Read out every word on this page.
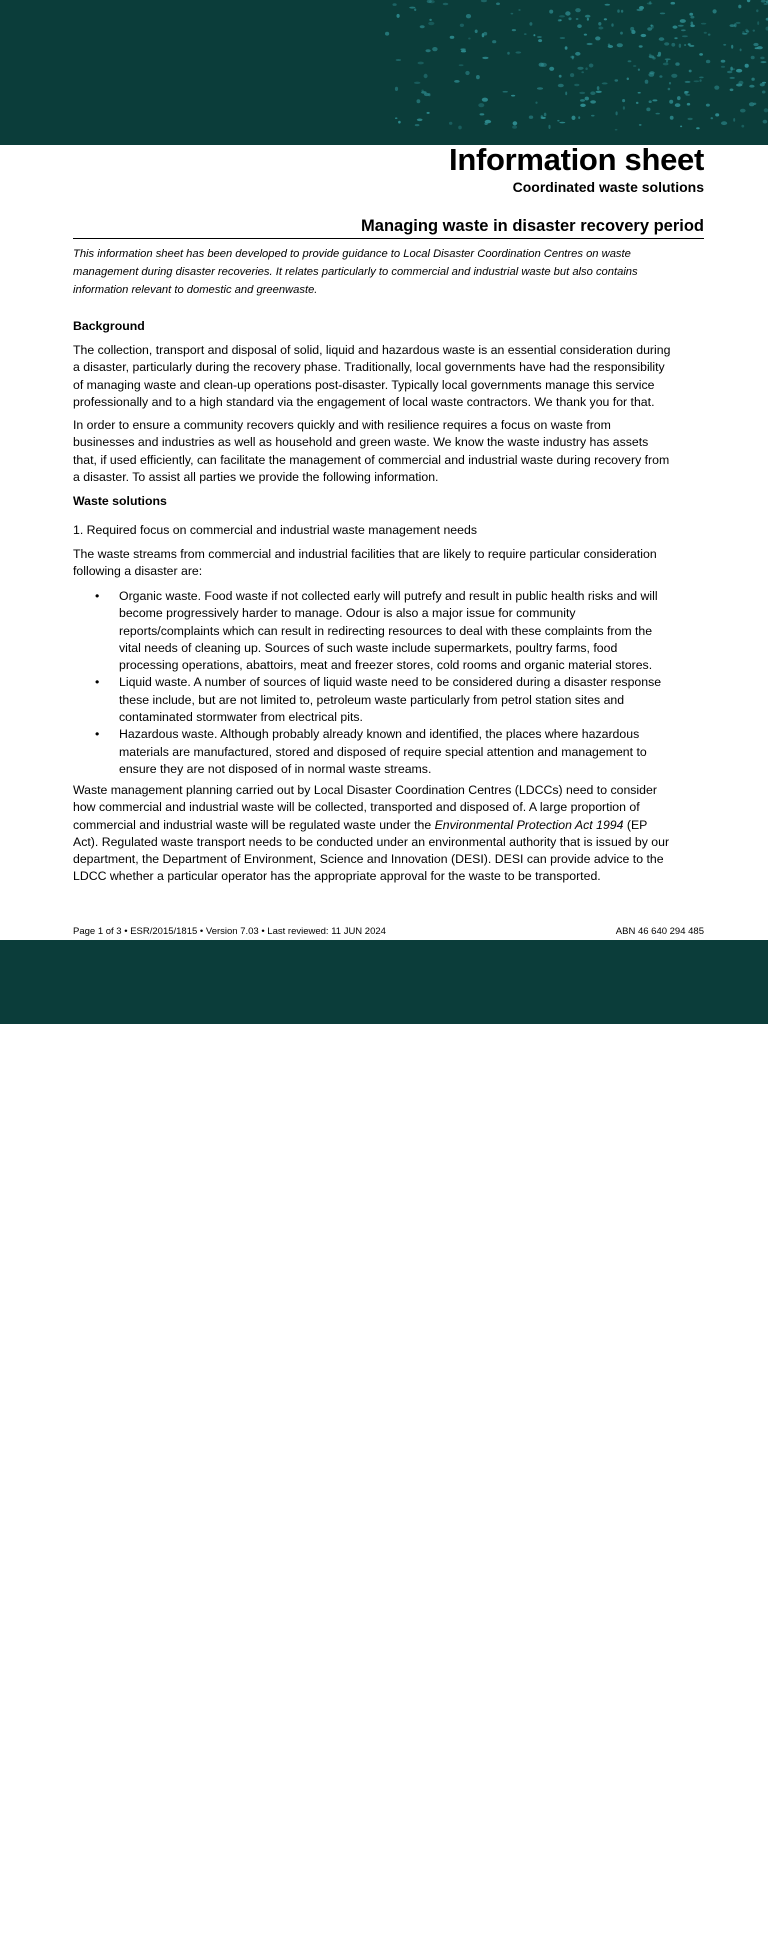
Information sheet
Coordinated waste solutions
Managing waste in disaster recovery period
This information sheet has been developed to provide guidance to Local Disaster Coordination Centres on waste
management during disaster recoveries. It relates particularly to commercial and industrial waste but also contains
information relevant to domestic and greenwaste.
Background
The collection, transport and disposal of solid, liquid and hazardous waste is an essential consideration during
a disaster, particularly during the recovery phase. Traditionally, local governments have had the responsibility
of managing waste and clean-up operations post-disaster. Typically local governments manage this service
professionally and to a high standard via the engagement of local waste contractors. We thank you for that.
In order to ensure a community recovers quickly and with resilience requires a focus on waste from
businesses and industries as well as household and green waste. We know the waste industry has assets
that, if used efficiently, can facilitate the management of commercial and industrial waste during recovery from
a disaster. To assist all parties we provide the following information.
Waste solutions
1. Required focus on commercial and industrial waste management needs
The waste streams from commercial and industrial facilities that are likely to require particular consideration
following a disaster are:
• Organic waste. Food waste if not collected early will putrefy and result in public health risks and will
become progressively harder to manage. Odour is also a major issue for community
reports/complaints which can result in redirecting resources to deal with these complaints from the
vital needs of cleaning up. Sources of such waste include supermarkets, poultry farms, food
processing operations, abattoirs, meat and freezer stores, cold rooms and organic material stores.
• Liquid waste. A number of sources of liquid waste need to be considered during a disaster response
these include, but are not limited to, petroleum waste particularly from petrol station sites and
contaminated stormwater from electrical pits.
• Hazardous waste. Although probably already known and identified, the places where hazardous
materials are manufactured, stored and disposed of require special attention and management to
ensure they are not disposed of in normal waste streams.
Waste management planning carried out by Local Disaster Coordination Centres (LDCCs) need to consider
how commercial and industrial waste will be collected, transported and disposed of. A large proportion of
commercial and industrial waste will be regulated waste under the Environmental Protection Act 1994 (EP
Act). Regulated waste transport needs to be conducted under an environmental authority that is issued by our
department, the Department of Environment, Science and Innovation (DESI). DESI can provide advice to the
LDCC whether a particular operator has the appropriate approval for the waste to be transported.
Page 1 of 3 • ESR/2015/1815 • Version 7.03 • Last reviewed: 11 JUN 2024	ABN 46 640 294 485
Queensland
Government
